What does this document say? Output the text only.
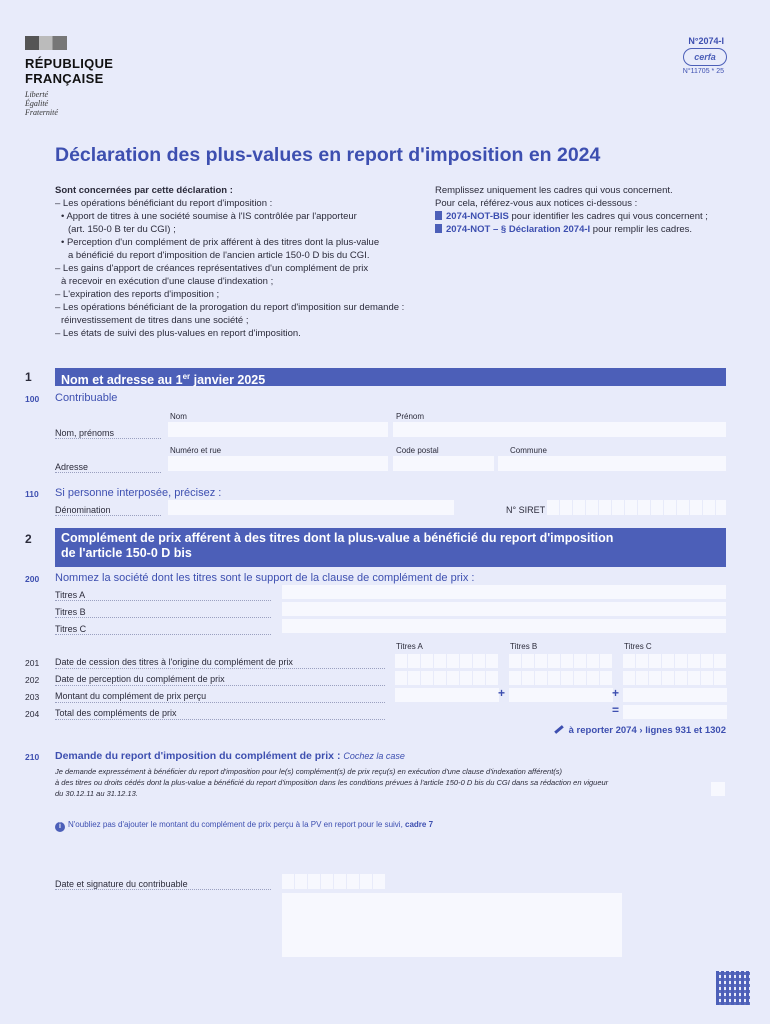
RÉPUBLIQUE
FRANÇAISE
Liberté
Égalité
Fraternité
N°2074-I
cerfa
N°11705 * 25
Déclaration des plus-values en report d'imposition en 2024
Sont concernées par cette déclaration :
– Les opérations bénéficiant du report d'imposition :
• Apport de titres à une société soumise à l'IS contrôlée par l'apporteur
(art. 150-0 B ter du CGI) ;
• Perception d'un complément de prix afférent à des titres dont la plus-value
a bénéficié du report d'imposition de l'ancien article 150-0 D bis du CGI.
– Les gains d'apport de créances représentatives d'un complément de prix
à recevoir en exécution d'une clause d'indexation ;
– L'expiration des reports d'imposition ;
– Les opérations bénéficiant de la prorogation du report d'imposition sur demande :
réinvestissement de titres dans une société ;
– Les états de suivi des plus-values en report d'imposition.
Remplissez uniquement les cadres qui vous concernent.
Pour cela, référez-vous aux notices ci-dessous :
2074-NOT-BIS pour identifier les cadres qui vous concernent ;
2074-NOT – § Déclaration 2074-I pour remplir les cadres.
1	Nom et adresse au 1er janvier 2025
100 Contribuable
Nom	Prénom
Nom, prénoms
Numéro et rue	Code postal	Commune
Adresse
110 Si personne interposée, précisez :
Dénomination	N° SIRET
2 Complément de prix afférent à des titres dont la plus-value a bénéficié du report d'imposition
de l'article 150-0 D bis
200 Nommez la société dont les titres sont le support de la clause de complément de prix :
Titres A
Titres B
Titres C
Titres A	Titres B	Titres C
201 Date de cession des titres à l'origine du complément de prix
202 Date de perception du complément de prix
203 Montant du complément de prix perçu	+	+
204 Total des compléments de prix	=
à reporter 2074 › lignes 931 et 1302
210 Demande du report d'imposition du complément de prix : Cochez la case
Je demande expressément à bénéficier du report d'imposition pour le(s) complément(s) de prix reçu(s) en exécution d'une clause d'indexation afférent(s)
à des titres ou droits cédés dont la plus-value a bénéficié du report d'imposition dans les conditions prévues à l'article 150-0 D bis du CGI dans sa rédaction en vigueur
du 30.12.11 au 31.12.13.
i N'oubliez pas d'ajouter le montant du complément de prix perçu à la PV en report pour le suivi, cadre 7
Date et signature du contribuable
